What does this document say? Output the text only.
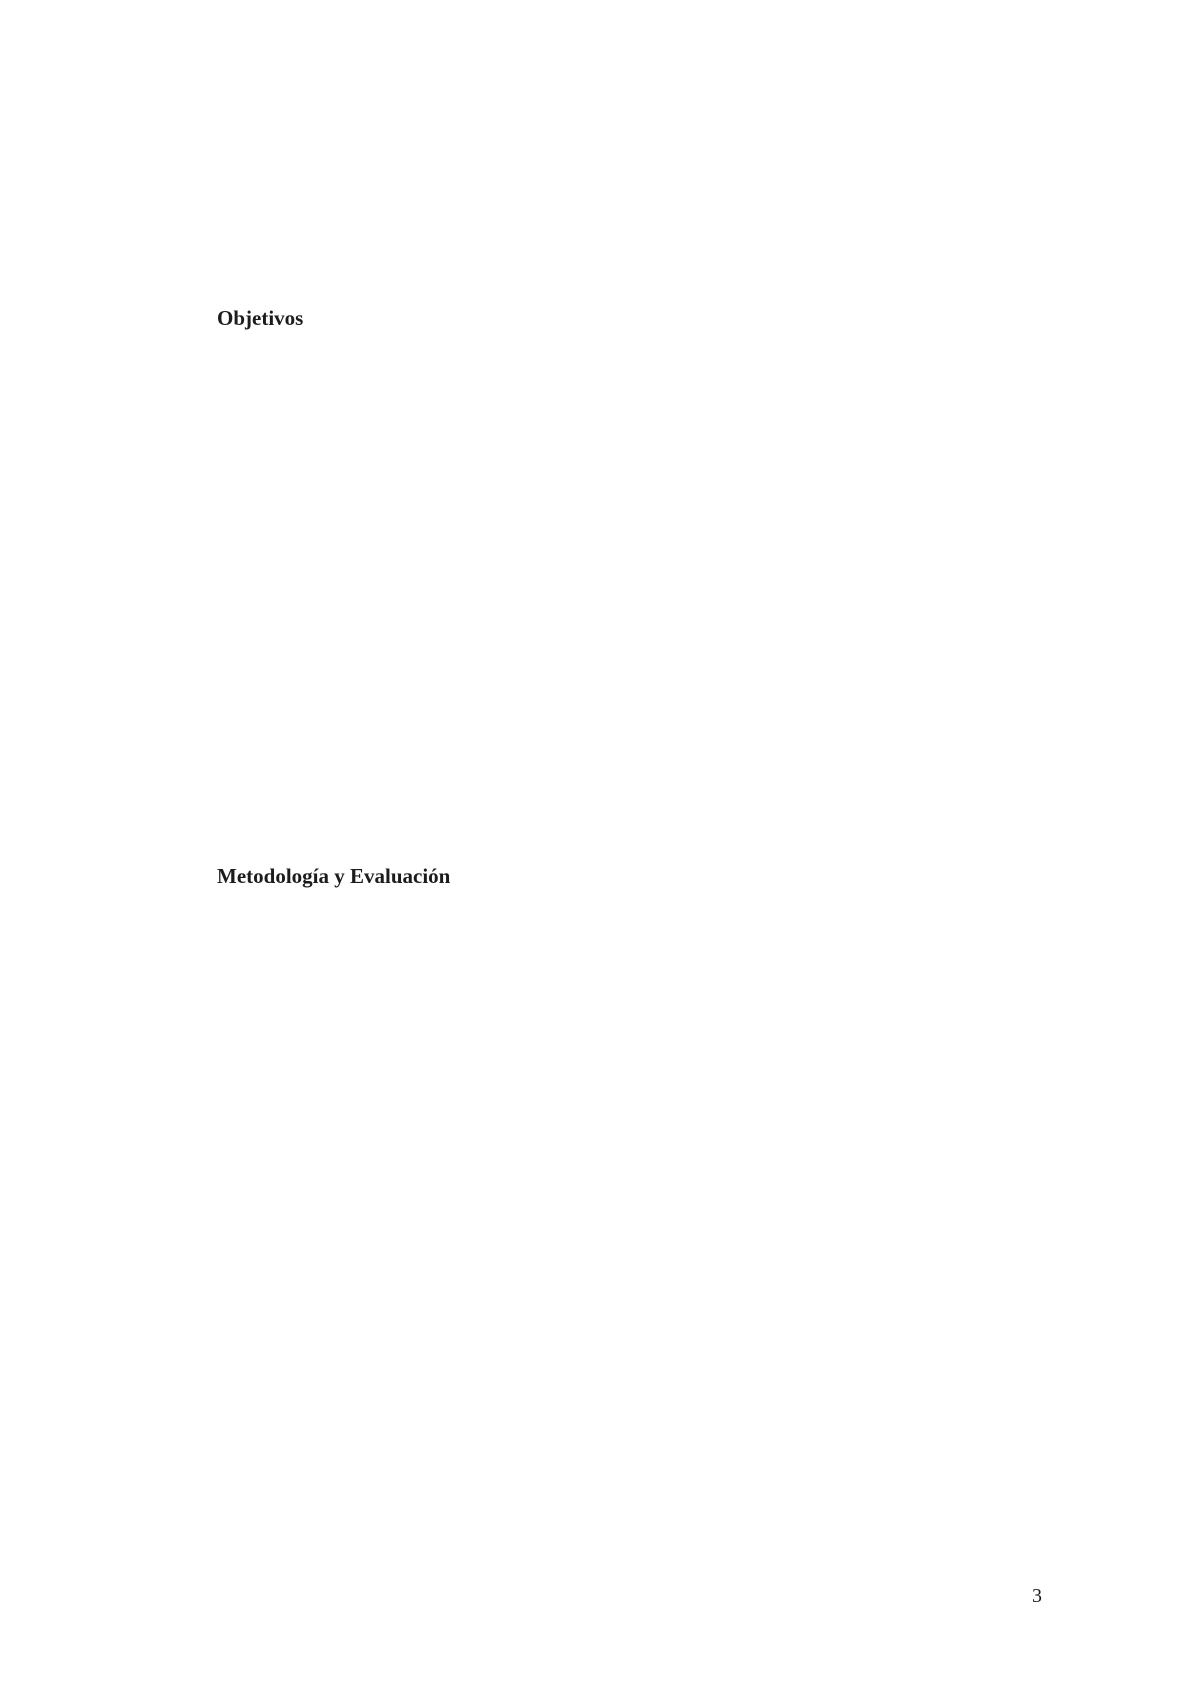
Objetivos

Metodología y Evaluación

3
